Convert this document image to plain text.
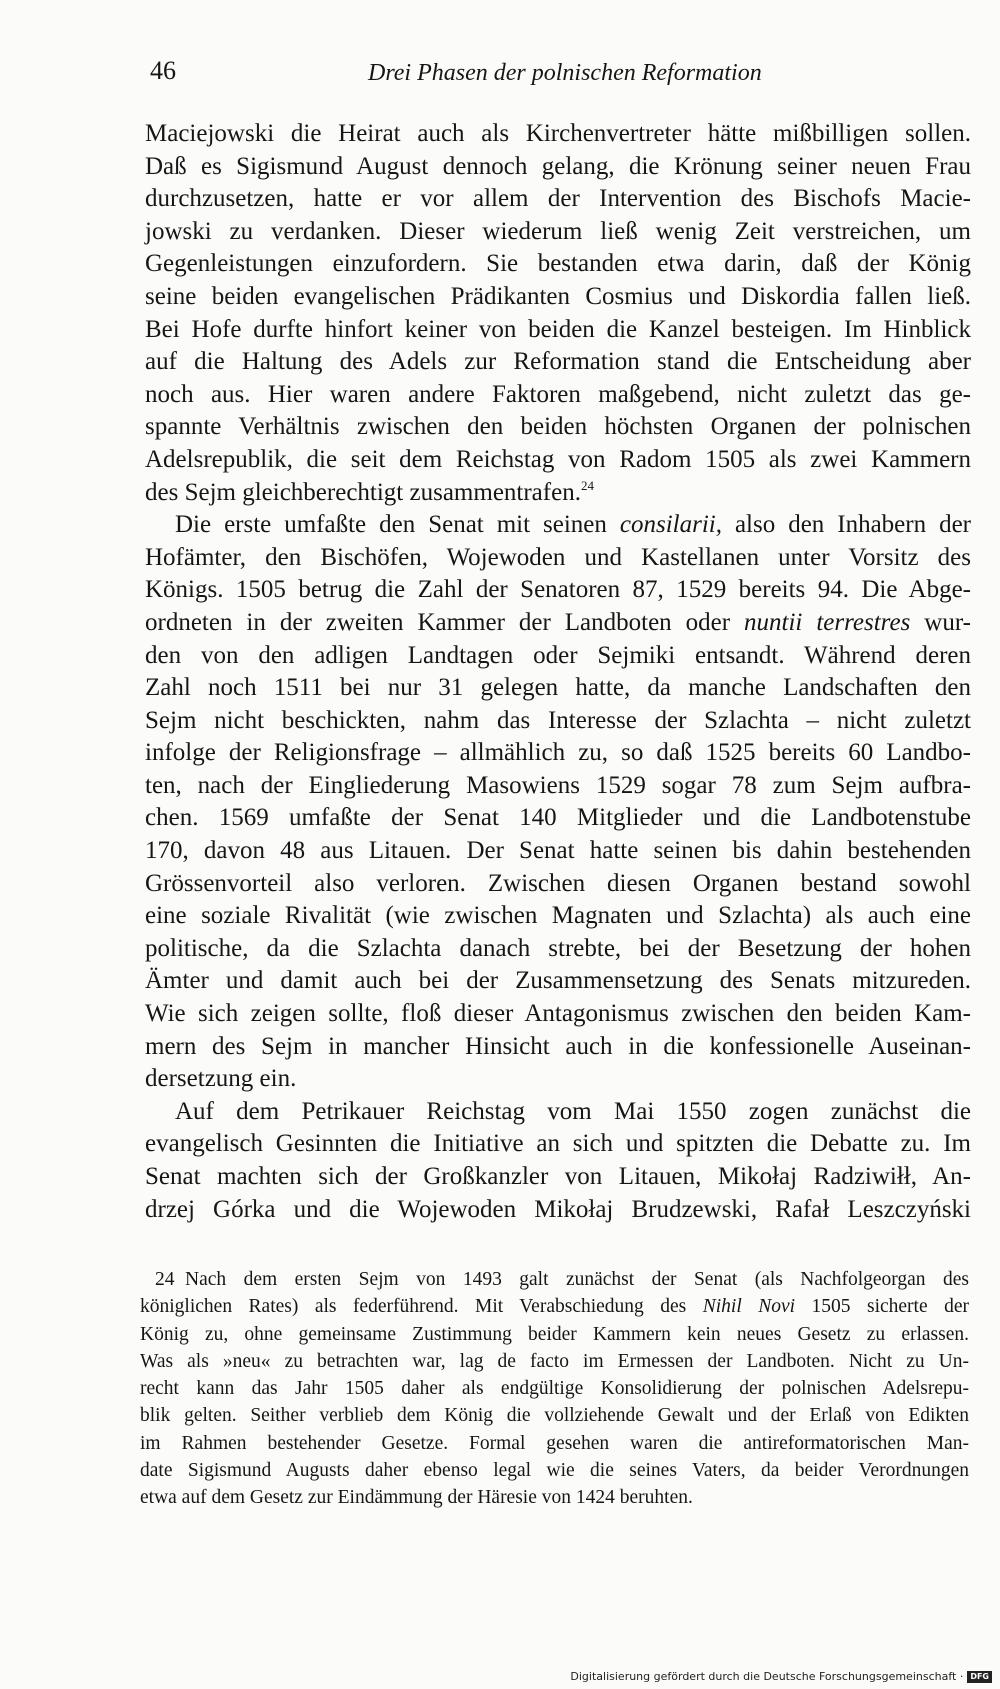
46	Drei Phasen der polnischen Reformation
Maciejowski die Heirat auch als Kirchenvertreter hätte mißbilligen sollen.
Daß es Sigismund August dennoch gelang, die Krönung seiner neuen Frau
durchzusetzen, hatte er vor allem der Intervention des Bischofs Macie-
jowski zu verdanken. Dieser wiederum ließ wenig Zeit verstreichen, um
Gegenleistungen einzufordern. Sie bestanden etwa darin, daß der König
seine beiden evangelischen Prädikanten Cosmius und Diskordia fallen ließ.
Bei Hofe durfte hinfort keiner von beiden die Kanzel besteigen. Im Hinblick
auf die Haltung des Adels zur Reformation stand die Entscheidung aber
noch aus. Hier waren andere Faktoren maßgebend, nicht zuletzt das ge-
spannte Verhältnis zwischen den beiden höchsten Organen der polnischen
Adelsrepublik, die seit dem Reichstag von Radom 1505 als zwei Kammern
des Sejm gleichberechtigt zusammentrafen.$^{24}$
Die erste umfaßte den Senat mit seinen consilarii, also den Inhabern der
Hofämter, den Bischöfen, Wojewoden und Kastellanen unter Vorsitz des
Königs. 1505 betrug die Zahl der Senatoren 87, 1529 bereits 94. Die Abge-
ordneten in der zweiten Kammer der Landboten oder nuntii terrestres wur-
den von den adligen Landtagen oder Sejmiki entsandt. Während deren
Zahl noch 1511 bei nur 31 gelegen hatte, da manche Landschaften den
Sejm nicht beschickten, nahm das Interesse der Szlachta – nicht zuletzt
infolge der Religionsfrage – allmählich zu, so daß 1525 bereits 60 Landbo-
ten, nach der Eingliederung Masowiens 1529 sogar 78 zum Sejm aufbra-
chen. 1569 umfaßte der Senat 140 Mitglieder und die Landbotenstube
170, davon 48 aus Litauen. Der Senat hatte seinen bis dahin bestehenden
Grössenvorteil also verloren. Zwischen diesen Organen bestand sowohl
eine soziale Rivalität (wie zwischen Magnaten und Szlachta) als auch eine
politische, da die Szlachta danach strebte, bei der Besetzung der hohen
Ämter und damit auch bei der Zusammensetzung des Senats mitzureden.
Wie sich zeigen sollte, floß dieser Antagonismus zwischen den beiden Kam-
mern des Sejm in mancher Hinsicht auch in die konfessionelle Auseinan-
dersetzung ein.
Auf dem Petrikauer Reichstag vom Mai 1550 zogen zunächst die
evangelisch Gesinnten die Initiative an sich und spitzten die Debatte zu. Im
Senat machten sich der Großkanzler von Litauen, Mikołaj Radziwiłł, An-
drzej Górka und die Wojewoden Mikołaj Brudzewski, Rafał Leszczyński
24 Nach dem ersten Sejm von 1493 galt zunächst der Senat (als Nachfolgeorgan des
königlichen Rates) als federführend. Mit Verabschiedung des Nihil Novi 1505 sicherte der
König zu, ohne gemeinsame Zustimmung beider Kammern kein neues Gesetz zu erlassen.
Was als »neu« zu betrachten war, lag de facto im Ermessen der Landboten. Nicht zu Un-
recht kann das Jahr 1505 daher als endgültige Konsolidierung der polnischen Adelsrepu-
blik gelten. Seither verblieb dem König die vollziehende Gewalt und der Erlaß von Edikten
im Rahmen bestehender Gesetze. Formal gesehen waren die antireformatorischen Man-
date Sigismund Augusts daher ebenso legal wie die seines Vaters, da beider Verordnungen
etwa auf dem Gesetz zur Eindämmung der Häresie von 1424 beruhten.
Digitalisierung gefördert durch die Deutsche Forschungsgemeinschaft · DFG
